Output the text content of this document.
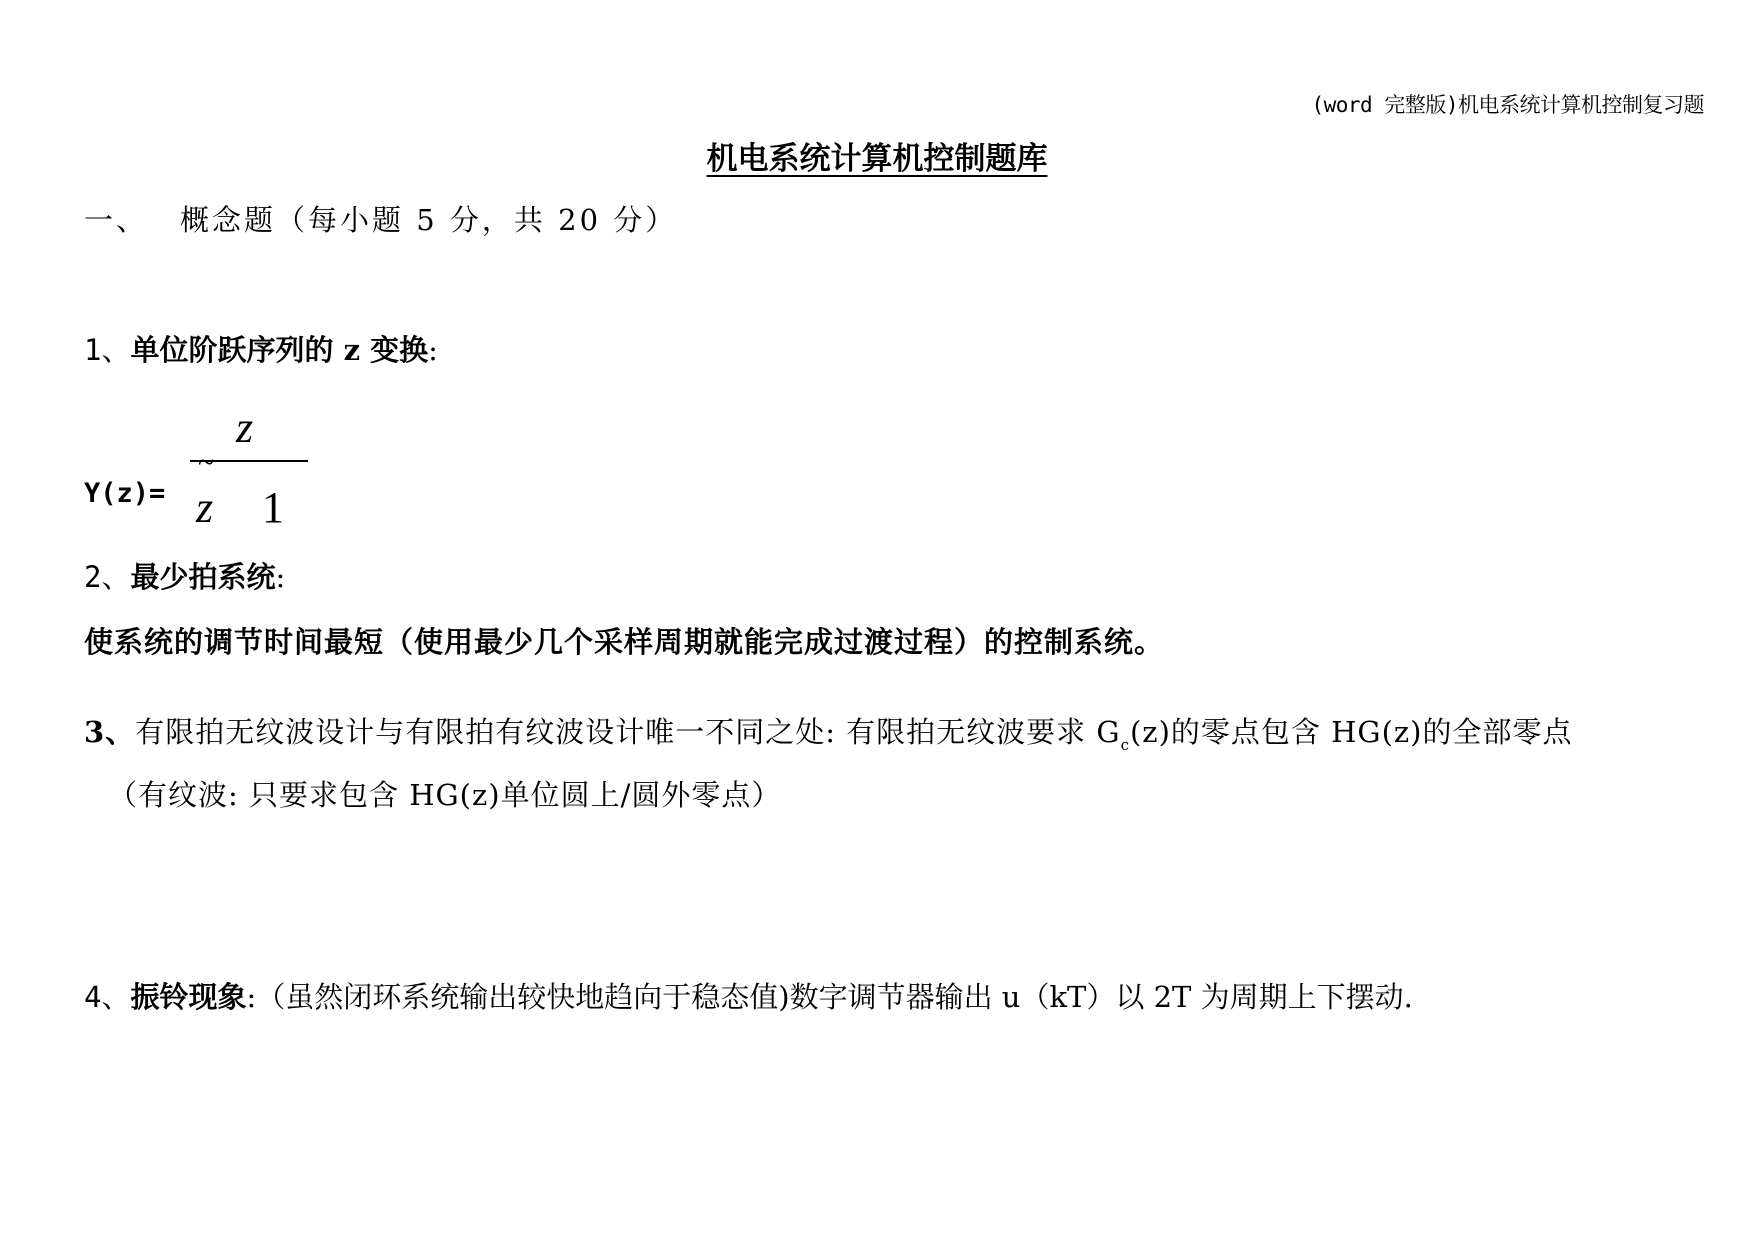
(word 完整版)机电系统计算机控制复习题
机电系统计算机控制题库
一、 概念题（每小题 5 分，共 20 分）
1、单位阶跃序列的 z 变换:
Y(z)=
z
~
z 1
2、最少拍系统:
使系统的调节时间最短（使用最少几个采样周期就能完成过渡过程）的控制系统。
3、有限拍无纹波设计与有限拍有纹波设计唯一不同之处: 有限拍无纹波要求 $G_c(z)$的零点包含 HG(z)的全部零点
（有纹波: 只要求包含 HG(z)单位圆上/圆外零点）
4、振铃现象:（虽然闭环系统输出较快地趋向于稳态值)数字调节器输出 u（kT）以 2T 为周期上下摆动.
